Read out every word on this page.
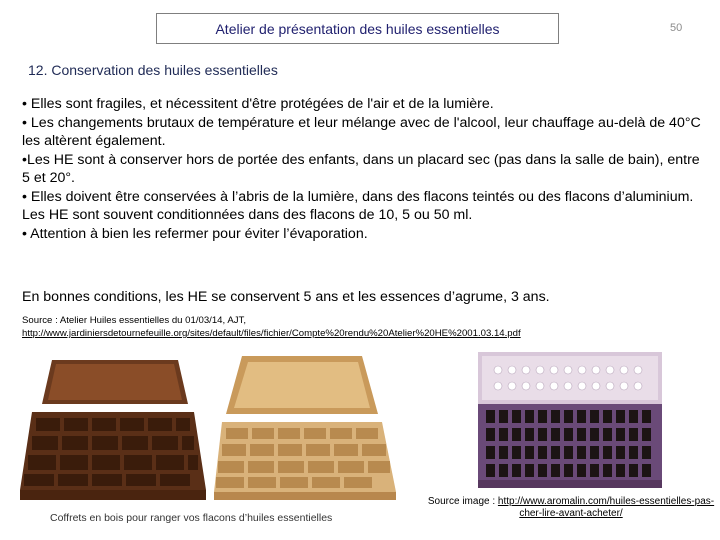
Atelier de présentation des huiles essentielles	50
12. Conservation des huiles essentielles

• Elles sont fragiles, et nécessitent d'être protégées de l'air et de la lumière.

• Les changements brutaux de température et leur mélange avec de l'alcool, leur chauffage au-delà de 40°C les altèrent également.

•Les HE sont à conserver hors de portée des enfants, dans un placard sec (pas dans la salle de bain), entre 5 et 20°.

• Elles doivent être conservées à l’abris de la lumière, dans des flacons teintés ou des flacons d’aluminium. Les HE sont souvent conditionnées dans des flacons de 10, 5 ou 50 ml.

• Attention à bien les refermer pour éviter l’évaporation.

En bonnes conditions, les HE se conservent 5 ans et les essences d’agrume, 3 ans.
Source : Atelier Huiles essentielles du 01/03/14, AJT,
http://www.jardiniersdetournefeuille.org/sites/default/files/fichier/Compte%20rendu%20Atelier%20HE%2001.03.14.pdf
Coffrets en bois pour ranger vos flacons d’huiles essentielles
Source image : http://www.aromalin.com/huiles-essentielles-pas-cher-lire-avant-acheter/
